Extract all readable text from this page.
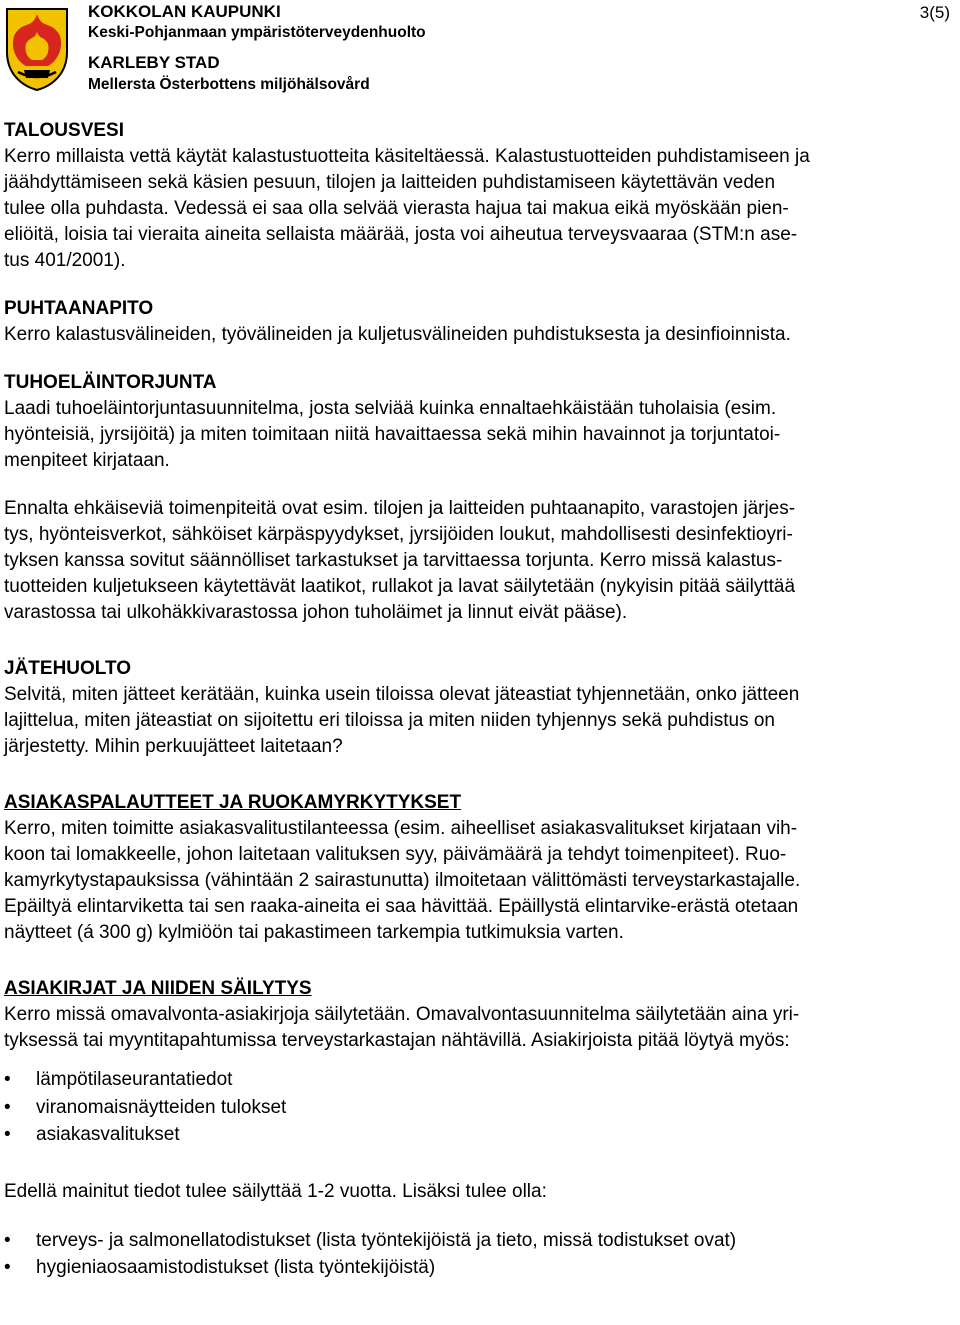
KOKKOLAN KAUPUNKI
Keski-Pohjanmaan ympäristöterveydenhuolto
KARLEBY STAD
Mellersta Österbottens miljöhälsovård
3(5)
TALOUSVESI

Kerro millaista vettä käytät kalastustuotteita käsiteltäessä. Kalastustuotteiden puhdistamiseen ja

jäähdyttämiseen sekä käsien pesuun, tilojen ja laitteiden puhdistamiseen käytettävän veden

tulee olla puhdasta. Vedessä ei saa olla selvää vierasta hajua tai makua eikä myöskään pien-

eliöitä, loisia tai vieraita aineita sellaista määrää, josta voi aiheutua terveysvaaraa (STM:n ase-

tus 401/2001).

PUHTAANAPITO

Kerro kalastusvälineiden, työvälineiden ja kuljetusvälineiden puhdistuksesta ja desinfioinnista.

TUHOELÄINTORJUNTA

Laadi tuhoeläintorjuntasuunnitelma, josta selviää kuinka ennaltaehkäistään tuholaisia (esim.

hyönteisiä, jyrsijöitä) ja miten toimitaan niitä havaittaessa sekä mihin havainnot ja torjuntatoi-

menpiteet kirjataan.

Ennalta ehkäiseviä toimenpiteitä ovat esim. tilojen ja laitteiden puhtaanapito, varastojen järjes-

tys, hyönteisverkot, sähköiset kärpäspyydykset, jyrsijöiden loukut, mahdollisesti desinfektioyri-

tyksen kanssa sovitut säännölliset tarkastukset ja tarvittaessa torjunta. Kerro missä kalastus-

tuotteiden kuljetukseen käytettävät laatikot, rullakot ja lavat säilytetään (nykyisin pitää säilyttää

varastossa tai ulkohäkkivarastossa johon tuholäimet ja linnut eivät pääse).

JÄTEHUOLTO

Selvitä, miten jätteet kerätään, kuinka usein tiloissa olevat jäteastiat tyhjennetään, onko jätteen

lajittelua, miten jäteastiat on sijoitettu eri tiloissa ja miten niiden tyhjennys sekä puhdistus on

järjestetty. Mihin perkuujätteet laitetaan?

ASIAKASPALAUTTEET JA RUOKAMYRKYTYKSET

Kerro, miten toimitte asiakasvalitustilanteessa (esim. aiheelliset asiakasvalitukset kirjataan vih-

koon tai lomakkeelle, johon laitetaan valituksen syy, päivämäärä ja tehdyt toimenpiteet). Ruo-

kamyrkytystapauksissa (vähintään 2 sairastunutta) ilmoitetaan välittömästi terveystarkastajalle.

Epäiltyä elintarviketta tai sen raaka-aineita ei saa hävittää. Epäillystä elintarvike-erästä otetaan

näytteet (á 300 g) kylmiöön tai pakastimeen tarkempia tutkimuksia varten.

ASIAKIRJAT JA NIIDEN SÄILYTYS

Kerro missä omavalvonta-asiakirjoja säilytetään. Omavalvontasuunnitelma säilytetään aina yri-

tyksessä tai myyntitapahtumissa terveystarkastajan nähtävillä. Asiakirjoista pitää löytyä myös:

• lämpötilaseurantatiedot
• viranomaisnäytteiden tulokset
• asiakasvalitukset

Edellä mainitut tiedot tulee säilyttää 1-2 vuotta. Lisäksi tulee olla:

• terveys- ja salmonellatodistukset (lista työntekijöistä ja tieto, missä todistukset ovat)
• hygieniaosaamistodistukset (lista työntekijöistä)
